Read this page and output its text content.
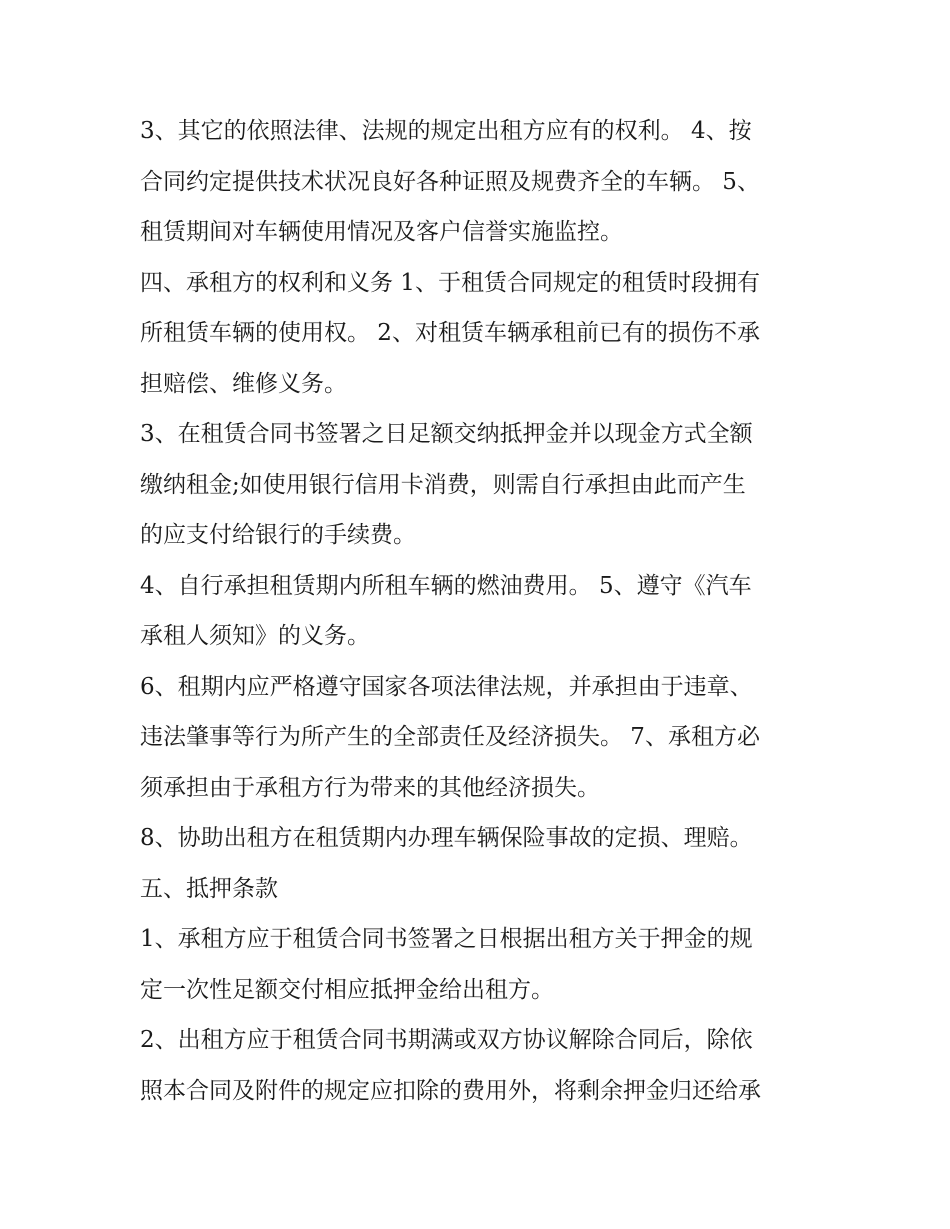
3、其它的依照法律、法规的规定出租方应有的权利。 4、按
合同约定提供技术状况良好各种证照及规费齐全的车辆。 5、
租赁期间对车辆使用情况及客户信誉实施监控。

四、承租方的权利和义务 1、于租赁合同规定的租赁时段拥有
所租赁车辆的使用权。 2、对租赁车辆承租前已有的损伤不承
担赔偿、维修义务。

3、在租赁合同书签署之日足额交纳抵押金并以现金方式全额
缴纳租金;如使用银行信用卡消费，则需自行承担由此而产生
的应支付给银行的手续费。

4、自行承担租赁期内所租车辆的燃油费用。 5、遵守《汽车
承租人须知》的义务。

6、租期内应严格遵守国家各项法律法规，并承担由于违章、
违法肇事等行为所产生的全部责任及经济损失。 7、承租方必
须承担由于承租方行为带来的其他经济损失。

8、协助出租方在租赁期内办理车辆保险事故的定损、理赔。

五、抵押条款

1、承租方应于租赁合同书签署之日根据出租方关于押金的规
定一次性足额交付相应抵押金给出租方。

2、出租方应于租赁合同书期满或双方协议解除合同后，除依
照本合同及附件的规定应扣除的费用外，将剩余押金归还给承
